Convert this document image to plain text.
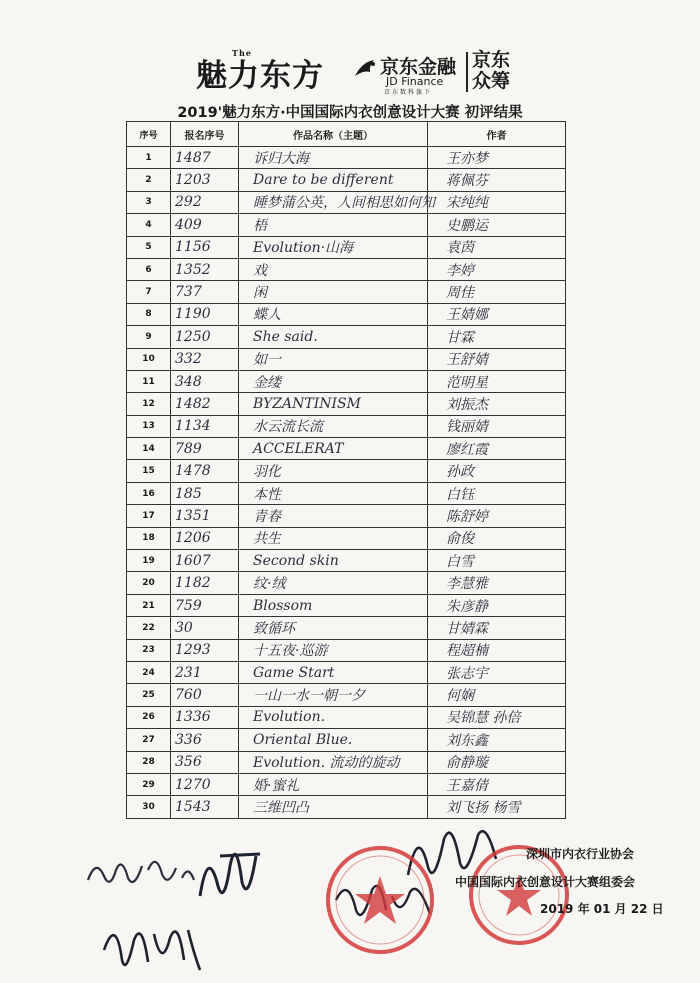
魅力东方
The
京东金融
JD Finance
京东数科旗下
京东
众筹
2019'魅力东方·中国国际内衣创意设计大赛 初评结果
序号	报名序号	作品名称（主题）	作者
1	1487	诉归大海	王亦梦
2	1203	Dare to be different	蒋佩芬
3	292	睡梦蒲公英，人间相思如何知	宋纯纯
4	409	梧	史鹏运
5	1156	Evolution·山海	袁茵
6	1352	戏	李婷
7	737	闲	周佳
8	1190	蝶人	王婧娜
9	1250	She said.	甘霖
10	332	如一	王舒婧
11	348	金缕	范明星
12	1482	BYZANTINISM	刘振杰
13	1134	水云流长流	钱丽婧
14	789	ACCELERAT	廖红霞
15	1478	羽化	孙政
16	185	本性	白钰
17	1351	青春	陈舒婷
18	1206	共生	俞俊
19	1607	Second skin	白雪
20	1182	纹·绒	李慧雅
21	759	Blossom	朱彦静
22	30	致循环	甘婧霖
23	1293	十五夜·巡游	程超楠
24	231	Game Start	张志宇
25	760	一山一水一朝一夕	何娴
26	1336	Evolution.	吴锦慧 孙倍
27	336	Oriental Blue.	刘东鑫
28	356	Evolution. 流动的旋动	俞静璇
29	1270	婚·蜜礼	王嘉倩
30	1543	三维凹凸	刘飞扬 杨雪
深圳市内衣行业协会
中国国际内衣创意设计大赛组委会
2019 年 01 月 22 日
